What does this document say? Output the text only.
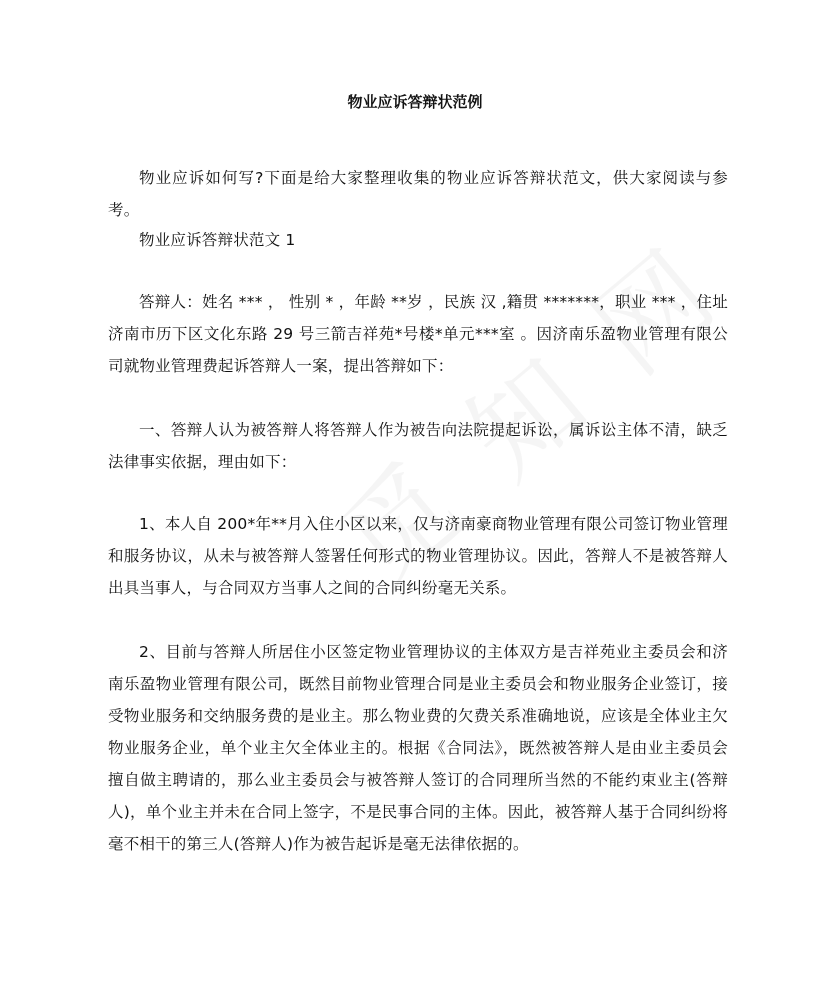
物业应诉答辩状范例

物业应诉如何写?下面是给大家整理收集的物业应诉答辩状范文，供大家阅读与参考。

物业应诉答辩状范文 1

答辩人：姓名 *** ， 性别 * ，年龄 **岁 ，民族 汉 ,籍贯 *******，职业 *** ，住址 济南市历下区文化东路 29 号三箭吉祥苑*号楼*单元***室 。因济南乐盈物业管理有限公司就物业管理费起诉答辩人一案，提出答辩如下：

一、答辩人认为被答辩人将答辩人作为被告向法院提起诉讼，属诉讼主体不清，缺乏法律事实依据，理由如下：

1、本人自 200*年**月入住小区以来，仅与济南豪商物业管理有限公司签订物业管理和服务协议，从未与被答辩人签署任何形式的物业管理协议。因此，答辩人不是被答辩人出具当事人，与合同双方当事人之间的合同纠纷毫无关系。

2、目前与答辩人所居住小区签定物业管理协议的主体双方是吉祥苑业主委员会和济南乐盈物业管理有限公司，既然目前物业管理合同是业主委员会和物业服务企业签订，接受物业服务和交纳服务费的是业主。那么物业费的欠费关系准确地说，应该是全体业主欠物业服务企业，单个业主欠全体业主的。根据《合同法》，既然被答辩人是由业主委员会擅自做主聘请的，那么业主委员会与被答辩人签订的合同理所当然的不能约束业主(答辩人)，单个业主并未在合同上签字，不是民事合同的主体。因此，被答辩人基于合同纠纷将毫不相干的第三人(答辩人)作为被告起诉是毫无法律依据的。
